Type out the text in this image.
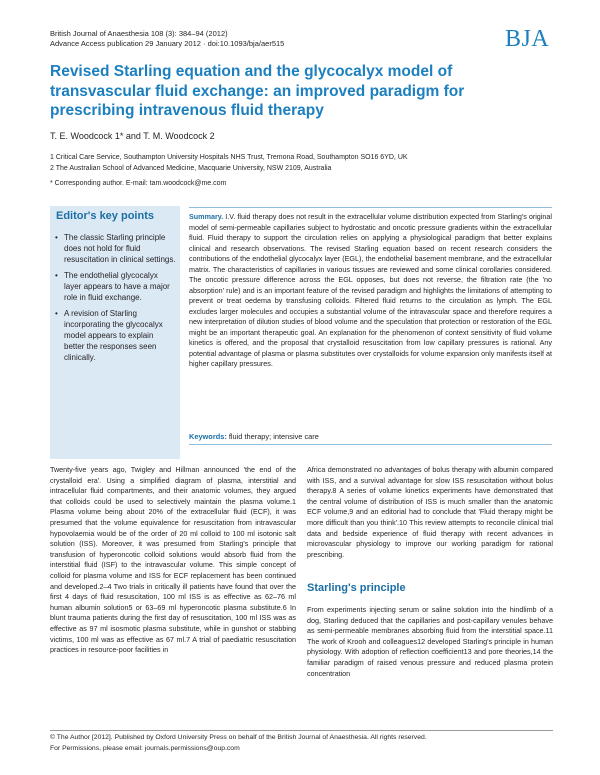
British Journal of Anaesthesia 108 (3): 384–94 (2012)
Advance Access publication 29 January 2012 · doi:10.1093/bja/aer515	BJA
Revised Starling equation and the glycocalyx model of transvascular fluid exchange: an improved paradigm for prescribing intravenous fluid therapy
T. E. Woodcock 1* and T. M. Woodcock 2
1 Critical Care Service, Southampton University Hospitals NHS Trust, Tremona Road, Southampton SO16 6YD, UK
2 The Australian School of Advanced Medicine, Macquarie University, NSW 2109, Australia
* Corresponding author. E-mail: tam.woodcock@me.com
Editor's key points
• The classic Starling principle does not hold for fluid resuscitation in clinical settings.
• The endothelial glycocalyx layer appears to have a major role in fluid exchange.
• A revision of Starling incorporating the glycocalyx model appears to explain better the responses seen clinically.

Summary. I.V. fluid therapy does not result in the extracellular volume distribution expected from Starling's original model of semi-permeable capillaries subject to hydrostatic and oncotic pressure gradients within the extracellular fluid. Fluid therapy to support the circulation relies on applying a physiological paradigm that better explains clinical and research observations. The revised Starling equation based on recent research considers the contributions of the endothelial glycocalyx layer (EGL), the endothelial basement membrane, and the extracellular matrix. The characteristics of capillaries in various tissues are reviewed and some clinical corollaries considered. The oncotic pressure difference across the EGL opposes, but does not reverse, the filtration rate (the 'no absorption' rule) and is an important feature of the revised paradigm and highlights the limitations of attempting to prevent or treat oedema by transfusing colloids. Filtered fluid returns to the circulation as lymph. The EGL excludes larger molecules and occupies a substantial volume of the intravascular space and therefore requires a new interpretation of dilution studies of blood volume and the speculation that protection or restoration of the EGL might be an important therapeutic goal. An explanation for the phenomenon of context sensitivity of fluid volume kinetics is offered, and the proposal that crystalloid resuscitation from low capillary pressures is rational. Any potential advantage of plasma or plasma substitutes over crystalloids for volume expansion only manifests itself at higher capillary pressures.

Keywords: fluid therapy; intensive care

Twenty-five years ago, Twigley and Hillman announced 'the end of the crystalloid era'. Using a simplified diagram of plasma, interstitial and intracellular fluid compartments, and their anatomic volumes, they argued that colloids could be used to selectively maintain the plasma volume.1 Plasma volume being about 20% of the extracellular fluid (ECF), it was presumed that the volume equivalence for resuscitation from intravascular hypovolaemia would be of the order of 20 ml colloid to 100 ml isotonic salt solution (ISS). Moreover, it was presumed from Starling's principle that transfusion of hyperoncotic colloid solutions would absorb fluid from the interstitial fluid (ISF) to the intravascular volume. This simple concept of colloid for plasma volume and ISS for ECF replacement has been continued and developed.2–4 Two trials in critically ill patients have found that over the first 4 days of fluid resuscitation, 100 ml ISS is as effective as 62–76 ml human albumin solution5 or 63–69 ml hyperoncotic plasma substitute.6 In blunt trauma patients during the first day of resuscitation, 100 ml ISS was as effective as 97 ml isosmotic plasma substitute, while in gunshot or stabbing victims, 100 ml was as effective as 67 ml.7 A trial of paediatric resuscitation practices in resource-poor facilities in

Africa demonstrated no advantages of bolus therapy with albumin compared with ISS, and a survival advantage for slow ISS resuscitation without bolus therapy.8 A series of volume kinetics experiments have demonstrated that the central volume of distribution of ISS is much smaller than the anatomic ECF volume,9 and an editorial had to conclude that 'Fluid therapy might be more difficult than you think'.10 This review attempts to reconcile clinical trial data and bedside experience of fluid therapy with recent advances in microvascular physiology to improve our working paradigm for rational prescribing.

Starling's principle

From experiments injecting serum or saline solution into the hindlimb of a dog, Starling deduced that the capillaries and post-capillary venules behave as semi-permeable membranes absorbing fluid from the interstitial space.11 The work of Krooh and colleagues12 developed Starling's principle in human physiology. With adoption of reflection coefficient13 and pore theories,14 the familiar paradigm of raised venous pressure and reduced plasma protein concentration

© The Author [2012]. Published by Oxford University Press on behalf of the British Journal of Anaesthesia. All rights reserved.
For Permissions, please email: journals.permissions@oup.com
